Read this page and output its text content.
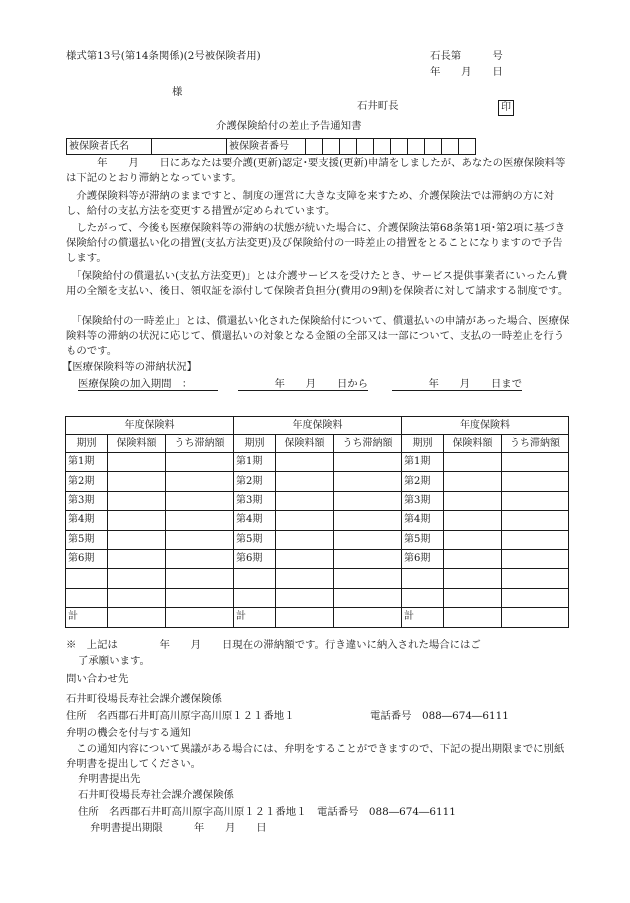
様式第13号(第14条関係)(2号被保険者用)	石長第　　　号
年　　月　　日
様
石井町長	印
介護保険給付の差止予告通知書
被保険者氏名		被保険者番号										
　　　年　　月　　日にあなたは要介護(更新)認定･要支援(更新)申請をしましたが、あなたの医療保険料等は下記のとおり滞納となっています。
　介護保険料等が滞納のままですと、制度の運営に大きな支障を来すため、介護保険法では滞納の方に対し、給付の支払方法を変更する措置が定められています。
　したがって、今後も医療保険料等の滞納の状態が続いた場合に、介護保険法第68条第1項･第2項に基づき保険給付の償還払い化の措置(支払方法変更)及び保険給付の一時差止の措置をとることになりますので予告します。
　「保険給付の償還払い(支払方法変更)」とは介護サービスを受けたとき、サービス提供事業者にいったん費用の全額を支払い、後日、領収証を添付して保険者負担分(費用の9割)を保険者に対して請求する制度です。
　「保険給付の一時差止」とは、償還払い化された保険給付について、償還払いの申請があった場合、医療保険料等の滞納の状況に応じて、償還払いの対象となる金額の全部又は一部について、支払の一時差止を行うものです。
【医療保険料等の滞納状況】
医療保険の加入期間　：	年　　月　　日から	年　　月　　日まで
年度保険料			年度保険料			年度保険料		
期別	保険料額	うち滞納額	期別	保険料額	うち滞納額	期別	保険料額	うち滞納額
第1期			第1期			第1期		
第2期			第2期			第2期		
第3期			第3期			第3期		
第4期			第4期			第4期		
第5期			第5期			第5期		
第6期			第6期			第6期		

計			計			計		
※　上記は　　　　年　　月　　日現在の滞納額です。行き違いに納入された場合にはご
了承願います。
問い合わせ先
石井町役場長寿社会課介護保険係
住所　名西郡石井町高川原字高川原１２１番地１	電話番号　088―674―6111
弁明の機会を付与する通知
　この通知内容について異議がある場合には、弁明をすることができますので、下記の提出期限までに別紙弁明書を提出してください。
弁明書提出先
石井町役場長寿社会課介護保険係
住所　名西郡石井町高川原字高川原１２１番地１　電話番号　088―674―6111
弁明書提出期限　　　年　　月　　日
